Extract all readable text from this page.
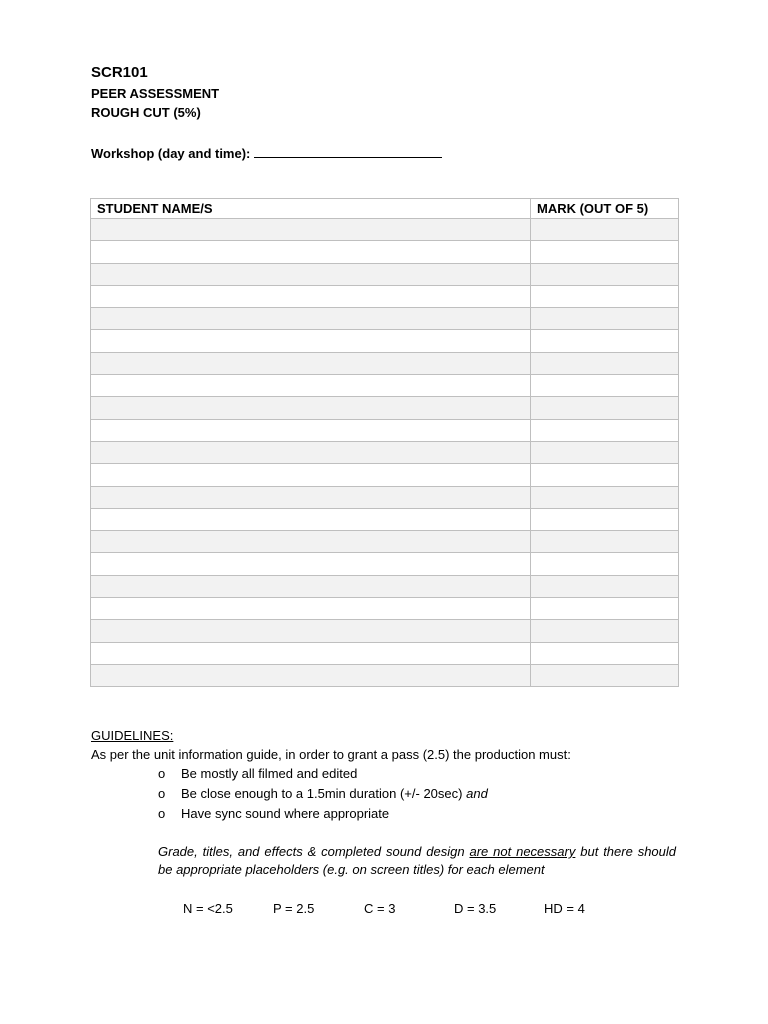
SCR101
PEER ASSESSMENT
ROUGH CUT (5%)
Workshop (day and time):
STUDENT NAME/S	MARK (OUT OF 5)

GUIDELINES:
As per the unit information guide, in order to grant a pass (2.5) the production must:
o Be mostly all filmed and edited
o Be close enough to a 1.5min duration (+/- 20sec) and
o Have sync sound where appropriate
Grade, titles, and effects & completed sound design are not necessary but there should be appropriate placeholders (e.g. on screen titles) for each element
N = <2.5	P = 2.5	C = 3	D = 3.5	HD = 4
